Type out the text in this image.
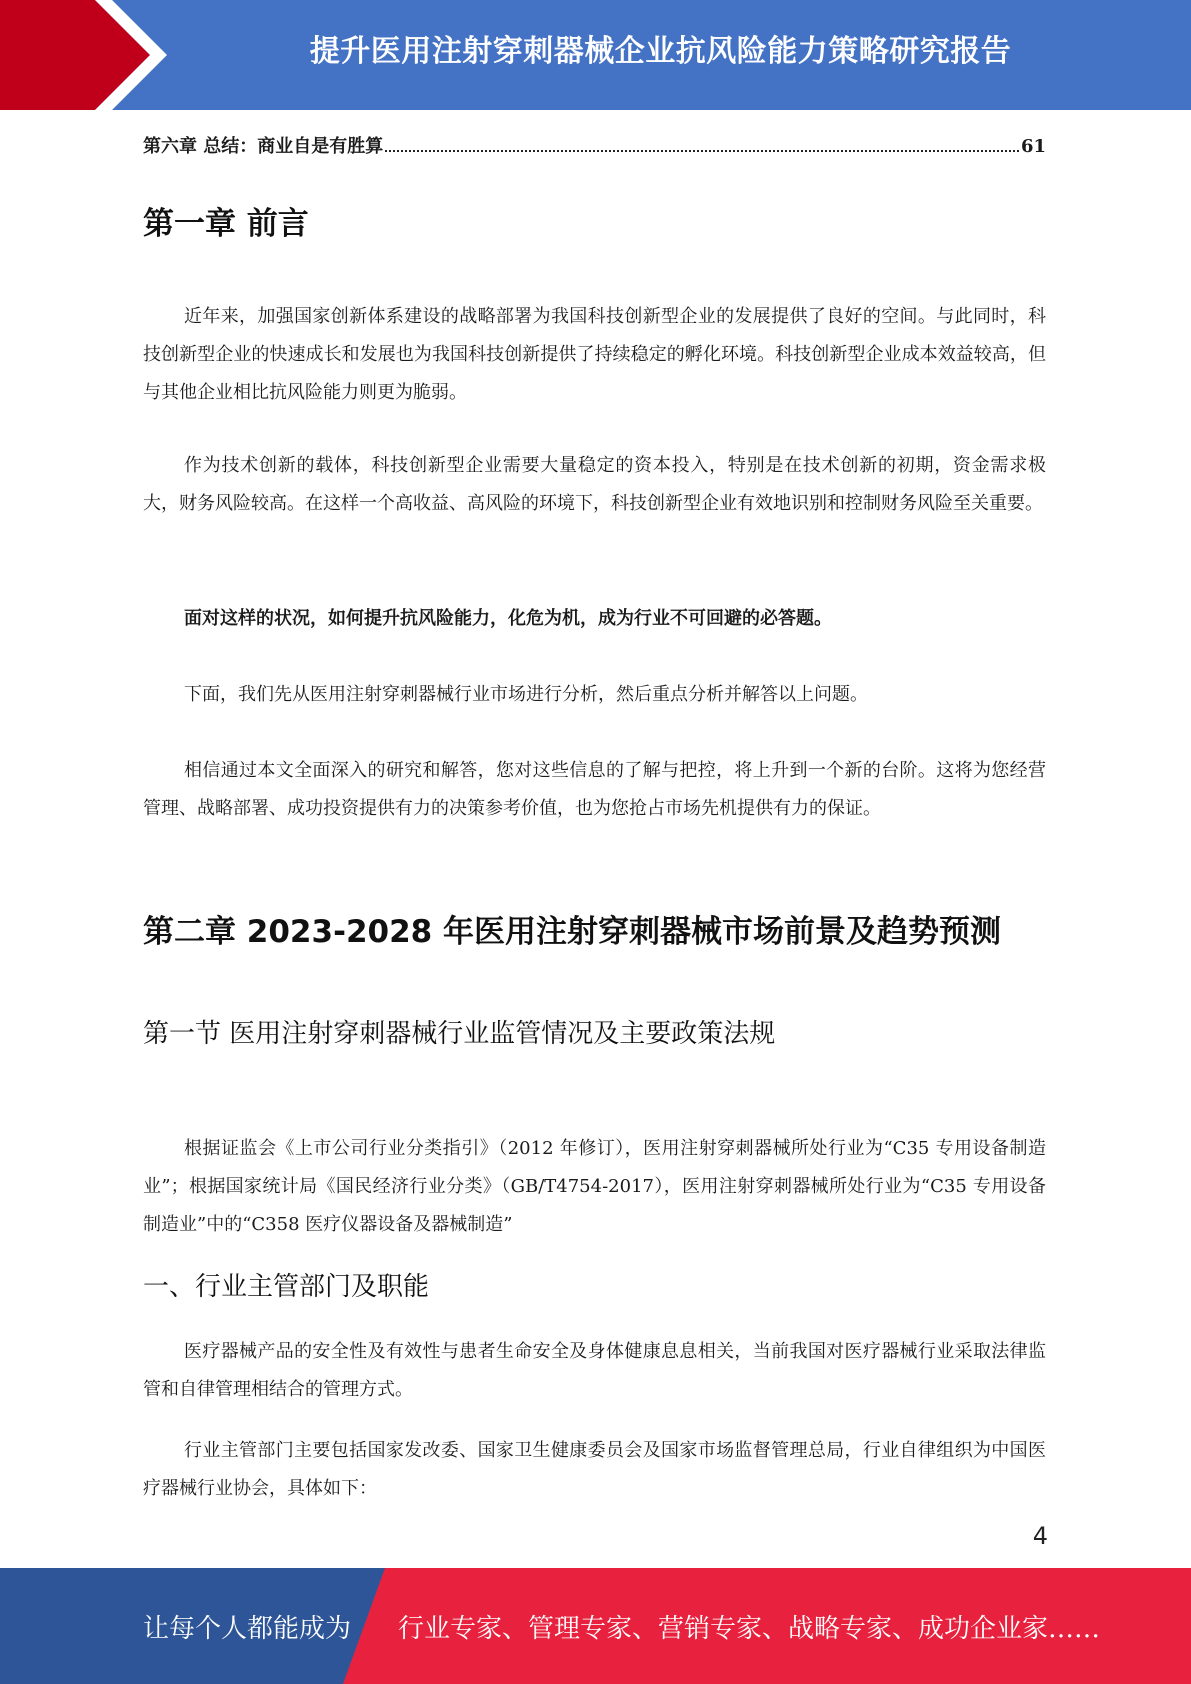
提升医用注射穿刺器械企业抗风险能力策略研究报告
第六章 总结：商业自是有胜算	61
第一章 前言

近年来，加强国家创新体系建设的战略部署为我国科技创新型企业的发展提供了良好的空间。与此同时，科技创新型企业的快速成长和发展也为我国科技创新提供了持续稳定的孵化环境。科技创新型企业成本效益较高，但与其他企业相比抗风险能力则更为脆弱。

作为技术创新的载体，科技创新型企业需要大量稳定的资本投入，特别是在技术创新的初期，资金需求极大，财务风险较高。在这样一个高收益、高风险的环境下，科技创新型企业有效地识别和控制财务风险至关重要。

面对这样的状况，如何提升抗风险能力，化危为机，成为行业不可回避的必答题。

下面，我们先从医用注射穿刺器械行业市场进行分析，然后重点分析并解答以上问题。

相信通过本文全面深入的研究和解答，您对这些信息的了解与把控，将上升到一个新的台阶。这将为您经营管理、战略部署、成功投资提供有力的决策参考价值，也为您抢占市场先机提供有力的保证。

第二章 2023-2028 年医用注射穿刺器械市场前景及趋势预测
第一节 医用注射穿刺器械行业监管情况及主要政策法规

根据证监会《上市公司行业分类指引》（2012 年修订），医用注射穿刺器械所处行业为“C35 专用设备制造业”；根据国家统计局《国民经济行业分类》（GB/T4754-2017），医用注射穿刺器械所处行业为“C35 专用设备制造业”中的“C358 医疗仪器设备及器械制造”

一、行业主管部门及职能

医疗器械产品的安全性及有效性与患者生命安全及身体健康息息相关，当前我国对医疗器械行业采取法律监管和自律管理相结合的管理方式。

行业主管部门主要包括国家发改委、国家卫生健康委员会及国家市场监督管理总局，行业自律组织为中国医疗器械行业协会，具体如下：

4
让每个人都能成为 行业专家、管理专家、营销专家、战略专家、成功企业家……
